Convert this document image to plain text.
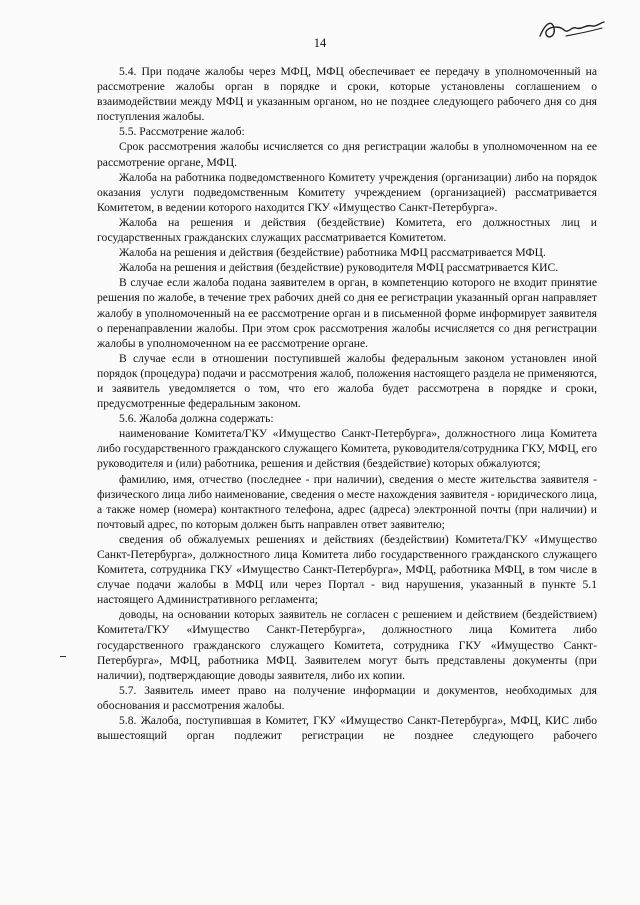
14

5.4. При подаче жалобы через МФЦ, МФЦ обеспечивает ее передачу в уполномоченный на рассмотрение жалобы орган в порядке и сроки, которые установлены соглашением о взаимодействии между МФЦ и указанным органом, но не позднее следующего рабочего дня со дня поступления жалобы.

5.5. Рассмотрение жалоб:

Срок рассмотрения жалобы исчисляется со дня регистрации жалобы в уполномоченном на ее рассмотрение органе, МФЦ.

Жалоба на работника подведомственного Комитету учреждения (организации) либо на порядок оказания услуги подведомственным Комитету учреждением (организацией) рассматривается Комитетом, в ведении которого находится ГКУ «Имущество Санкт-Петербурга».

Жалоба на решения и действия (бездействие) Комитета, его должностных лиц и государственных гражданских служащих рассматривается Комитетом.

Жалоба на решения и действия (бездействие) работника МФЦ рассматривается МФЦ.

Жалоба на решения и действия (бездействие) руководителя МФЦ рассматривается КИС.

В случае если жалоба подана заявителем в орган, в компетенцию которого не входит принятие решения по жалобе, в течение трех рабочих дней со дня ее регистрации указанный орган направляет жалобу в уполномоченный на ее рассмотрение орган и в письменной форме информирует заявителя о перенаправлении жалобы. При этом срок рассмотрения жалобы исчисляется со дня регистрации жалобы в уполномоченном на ее рассмотрение органе.

В случае если в отношении поступившей жалобы федеральным законом установлен иной порядок (процедура) подачи и рассмотрения жалоб, положения настоящего раздела не применяются, и заявитель уведомляется о том, что его жалоба будет рассмотрена в порядке и сроки, предусмотренные федеральным законом.

5.6. Жалоба должна содержать:

наименование Комитета/ГКУ «Имущество Санкт-Петербурга», должностного лица Комитета либо государственного гражданского служащего Комитета, руководителя/сотрудника ГКУ, МФЦ, его руководителя и (или) работника, решения и действия (бездействие) которых обжалуются;

фамилию, имя, отчество (последнее - при наличии), сведения о месте жительства заявителя - физического лица либо наименование, сведения о месте нахождения заявителя - юридического лица, а также номер (номера) контактного телефона, адрес (адреса) электронной почты (при наличии) и почтовый адрес, по которым должен быть направлен ответ заявителю;

сведения об обжалуемых решениях и действиях (бездействии) Комитета/ГКУ «Имущество Санкт-Петербурга», должностного лица Комитета либо государственного гражданского служащего Комитета, сотрудника ГКУ «Имущество Санкт-Петербурга», МФЦ, работника МФЦ, в том числе в случае подачи жалобы в МФЦ или через Портал - вид нарушения, указанный в пункте 5.1 настоящего Административного регламента;

доводы, на основании которых заявитель не согласен с решением и действием (бездействием) Комитета/ГКУ «Имущество Санкт-Петербурга», должностного лица Комитета либо государственного гражданского служащего Комитета, сотрудника ГКУ «Имущество Санкт-Петербурга», МФЦ, работника МФЦ. Заявителем могут быть представлены документы (при наличии), подтверждающие доводы заявителя, либо их копии.

5.7. Заявитель имеет право на получение информации и документов, необходимых для обоснования и рассмотрения жалобы.

5.8. Жалоба, поступившая в Комитет, ГКУ «Имущество Санкт-Петербурга», МФЦ, КИС либо вышестоящий орган подлежит регистрации не позднее следующего рабочего
